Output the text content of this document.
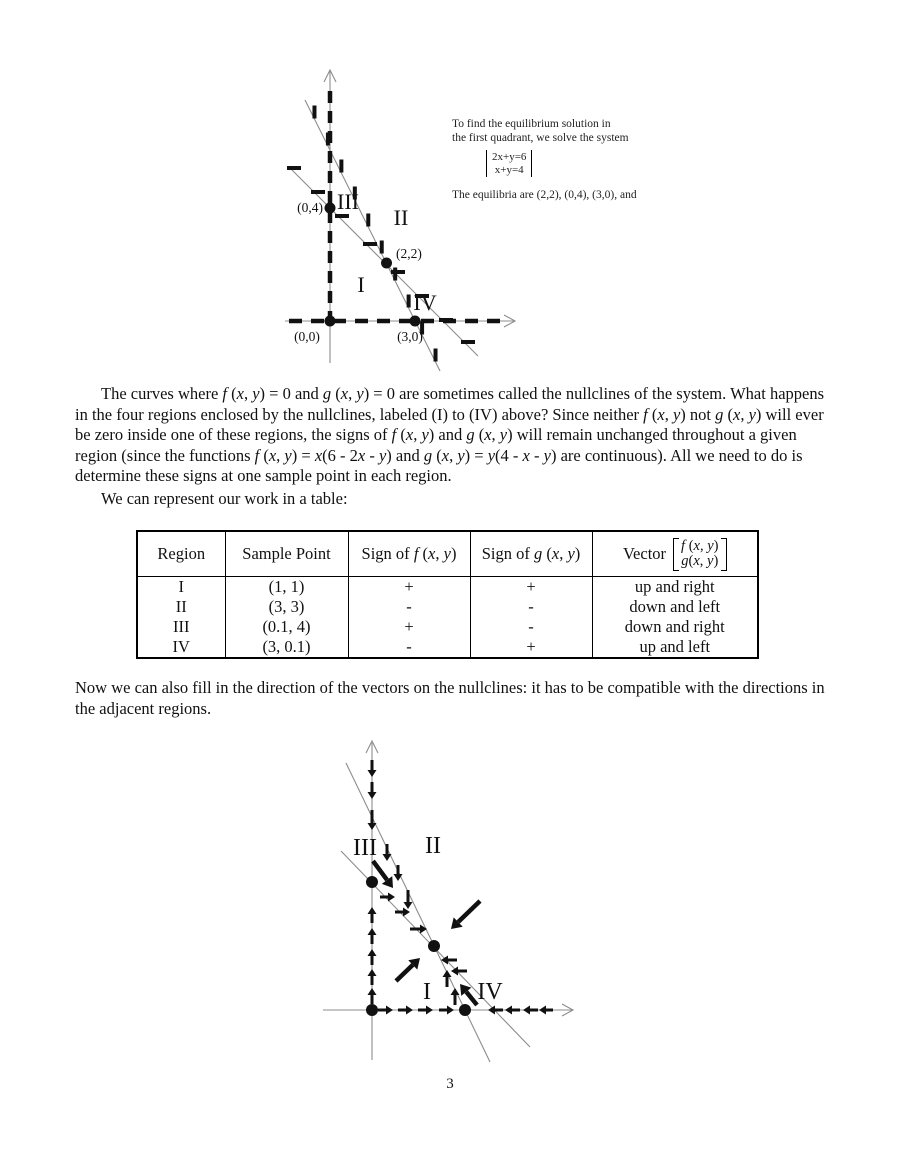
III
II
I
IV
(0,4)
(2,2)
(0,0)	(3,0)
To find the equilibrium solution in
the first quadrant, we solve the system
2x+y=6
x+y=4
The equilibria are (2,2), (0,4), (3,0), and

The curves where f (x, y) = 0 and g (x, y) = 0 are sometimes called the nullclines of the system. What happens in the four regions enclosed by the nullclines, labeled (I) to (IV) above? Since neither f (x, y) not g (x, y) will ever be zero inside one of these regions, the signs of f (x, y) and g (x, y) will remain unchanged throughout a given region (since the functions f (x, y) = x(6 - 2x - y) and g (x, y) = y(4 - x - y) are continuous). All we need to do is determine these signs at one sample point in each region.

We can represent our work in a table:

Region	Sample Point	Sign of f (x, y)	Sign of g (x, y)	Vector f (x, y)
g(x, y)

I	(1, 1)	+	+	up and right
II	(3, 3)	-	-	down and left
III	(0.1, 4)	+	-	down and right
IV	(3, 0.1)	-	+	up and left

Now we can also fill in the direction of the vectors on the nullclines: it has to be compatible with the directions in the adjacent regions.

III II
I IV
3
